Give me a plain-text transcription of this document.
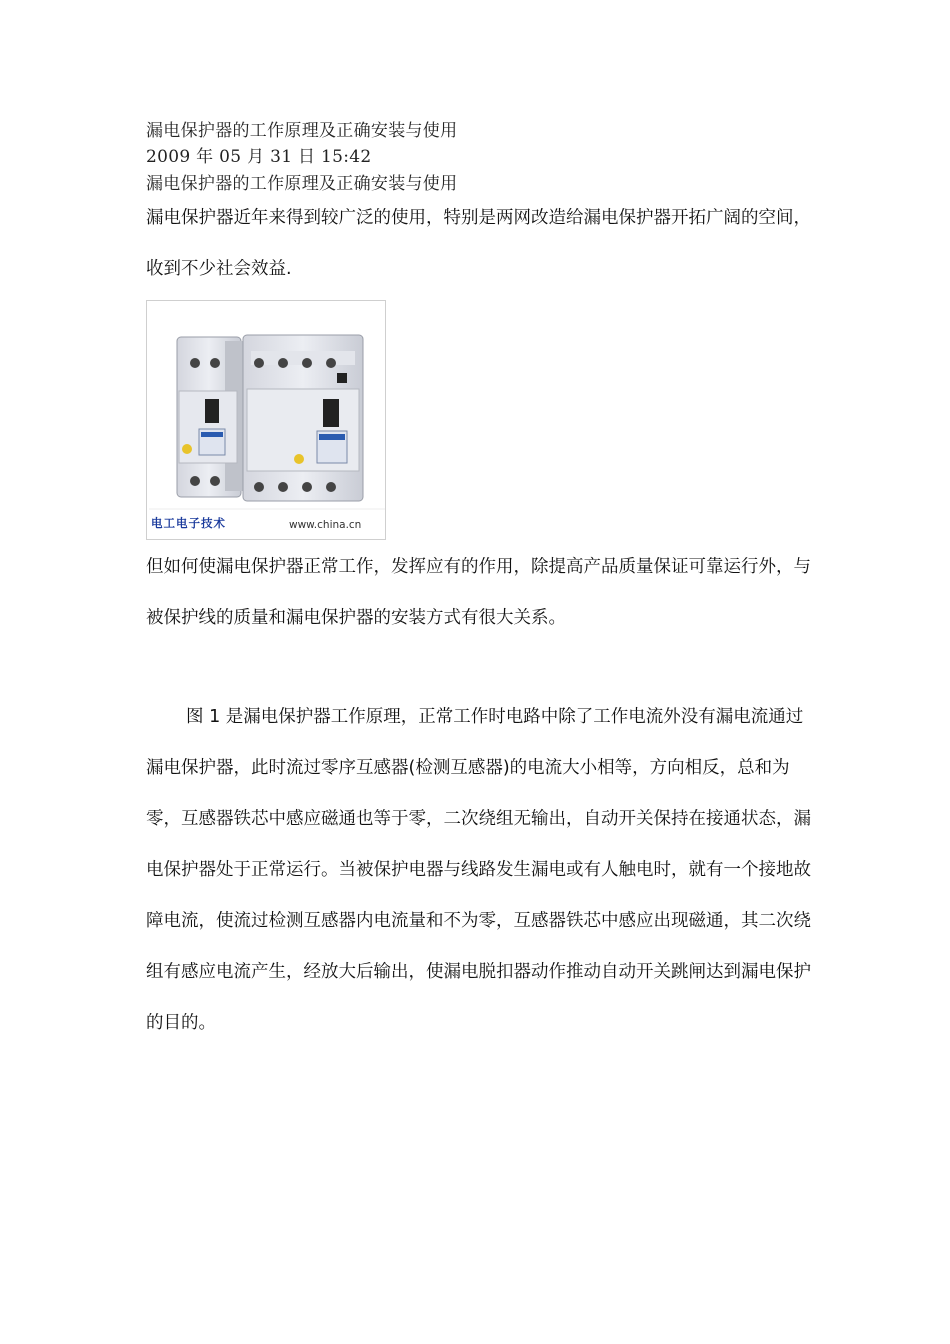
漏电保护器的工作原理及正确安装与使用
2009 年 05 月 31 日 15:42
漏电保护器的工作原理及正确安装与使用

漏电保护器近年来得到较广泛的使用，特别是两网改造给漏电保护器开拓广阔的空间，收到不少社会效益.

电工电子技术	www.china.cn

但如何使漏电保护器正常工作，发挥应有的作用，除提高产品质量保证可靠运行外，与被保护线的质量和漏电保护器的安装方式有很大关系。

图 1 是漏电保护器工作原理，正常工作时电路中除了工作电流外没有漏电流通过漏电保护器，此时流过零序互感器(检测互感器)的电流大小相等，方向相反，总和为零，互感器铁芯中感应磁通也等于零，二次绕组无输出，自动开关保持在接通状态，漏电保护器处于正常运行。当被保护电器与线路发生漏电或有人触电时，就有一个接地故障电流，使流过检测互感器内电流量和不为零，互感器铁芯中感应出现磁通，其二次绕组有感应电流产生，经放大后输出，使漏电脱扣器动作推动自动开关跳闸达到漏电保护的目的。
